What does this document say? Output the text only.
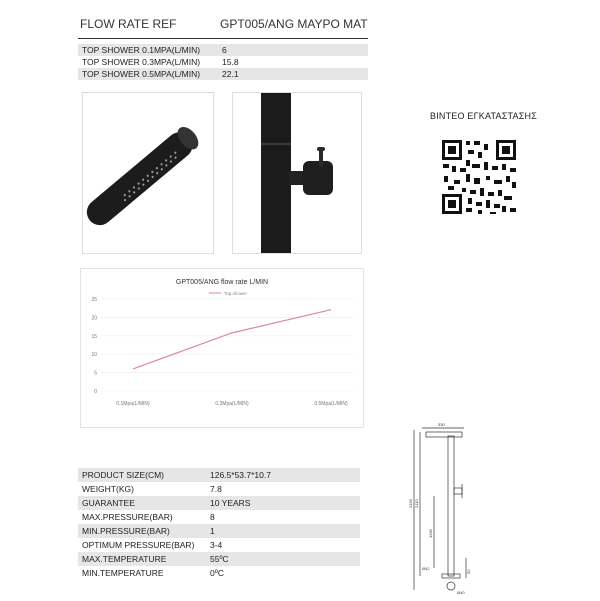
FLOW RATE REF	GPT005/ANG ΜΑΥΡΟ ΜΑΤ
TOP SHOWER 0.1MPA(L/MIN)	6
TOP SHOWER 0.3MPA(L/MIN)	15.8
TOP SHOWER 0.5MPA(L/MIN)	22.1
ΒΙΝΤΕΟ ΕΓΚΑΤΑΣΤΑΣΗΣ
GPT005/ANG flow rate L/MIN
Top shower
0
5
10
15
20
25
0.1Mpa(L/MIN)	0.3Mpa(L/MIN)	0.5Mpa(L/MIN)
PRODUCT SIZE(CM)	126.5*53.7*10.7
WEIGHT(KG)	7.8
GUARANTEE	10 YEARS
MAX.PRESSURE(BAR)	8
MIN.PRESSURE(BAR)	1
OPTIMUM PRESSURE(BAR) 3-4
MAX.TEMPERATURE	55ºC
MIN.TEMPERATURE	0ºC
330
2150 2110
1260
Ø42
Ø40
50
